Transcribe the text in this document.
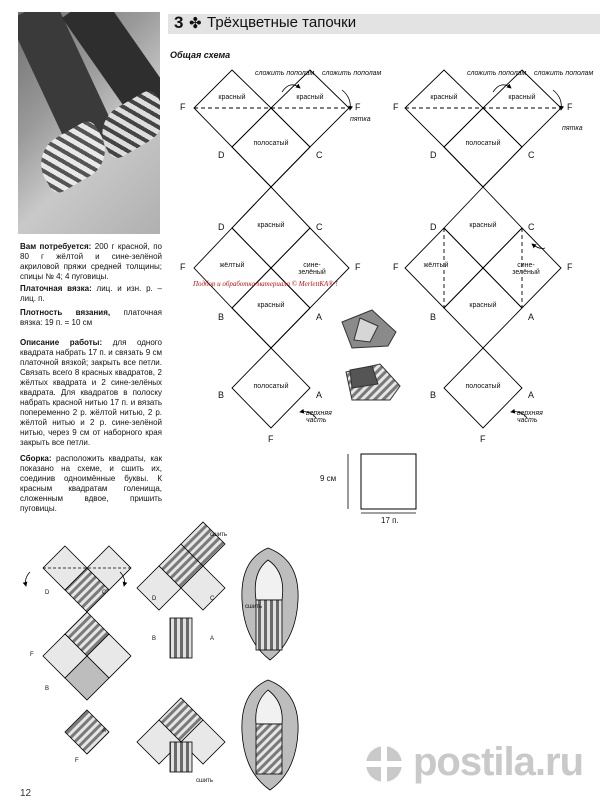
3 ✤ Трёхцветные тапочки
Общая схема
Вам потребуется: 200 г красной, по 80 г жёлтой и сине-зелёной акриловой пряжи средней толщины; спицы № 4; 4 пуговицы.
Платочная вязка: лиц. и изн. р. – лиц. п.
Плотность вязания, платочная вязка: 19 п. = 10 см
Описание работы: для одного квадрата набрать 17 п. и связать 9 см платочной вязкой; закрыть все петли. Связать всего 8 красных квадратов, 2 жёлтых квадрата и 2 сине-зелёных квадрата. Для квадратов в полоску набрать красной нитью 17 п. и вязать попеременно 2 р. жёлтой нитью, 2 р. жёлтой нитью и 2 р. сине-зелёной нитью, через 9 см от наборного края закрыть все петли.
Сборка: расположить квадраты, как показано на схеме, и сшить их, соединив одноимённые буквы. К красным квадратам голенища, сложенным вдвое, пришить пуговицы.
красный	красный
сложить пополам сложить пополам
пятка
полосатый
красный
жёлтый	сине-зелёный
красный
полосатый
верхняя часть
F	F
D	C
D	C
F	F
B	A
B	A
F
красный	красный
сложить пополам сложить пополам
пятка
полосатый
красный
жёлтый	сине-зелёный
красный
полосатый
верхняя часть
F	F
D	C
D	C
F	F
B	A
B	A
F
Подбор и обработка материала © MerlettKA® !
9 см
17 п.
D	C
F
B
A
F
сшить
сшить
сшить
D	C
B	A
postila.ru
12
